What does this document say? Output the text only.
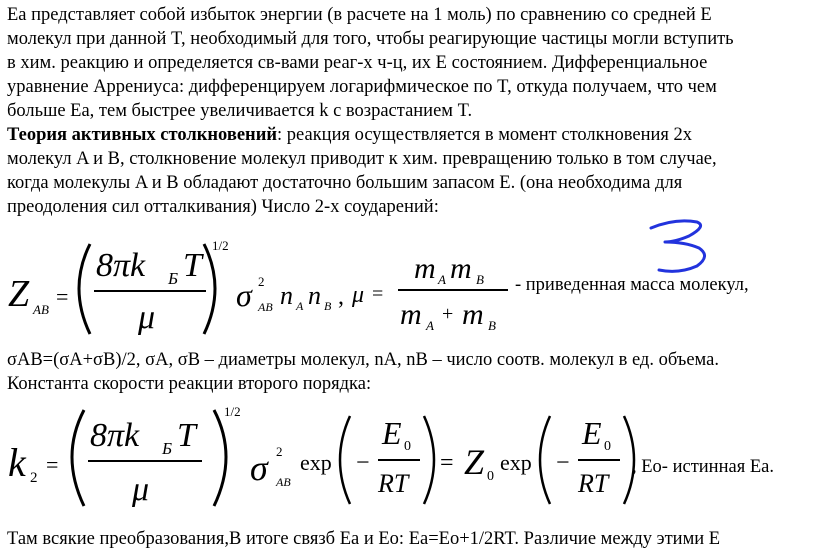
Ea представляет собой избыток энергии (в расчете на 1 моль) по сравнению со средней E
молекул при данной T, необходимый для того, чтобы реагирующие частицы могли вступить
в хим. реакцию и определяется св-вами реаг-х ч-ц, их E состоянием. Дифференциальное
уравнение Аррениуса: дифференцируем логарифмическое по T, откуда получаем, что чем
больше Ea, тем быстрее увеличивается k с возрастанием T.
Теория активных столкновений: реакция осуществляется в момент столкновения 2х
молекул A и B, столкновение молекул приводит к хим. превращению только в том случае,
когда молекулы A и B обладают достаточно большим запасом E. (она необходима для
преодоления сил отталкивания) Число 2-х соударений:
Z AB
=
8πk Б T
μ
1/2
σ 2
AB n A n B , μ =
m A m B
m A
+ m B
- приведенная масса молекул,
σAB=(σA+σB)/2, σA, σB – диаметры молекул, nA, nB – число соотв. молекул в ед. объема.
Константа скорости реакции второго порядка:
k 2
=
8πk Б T
μ
1/2
σ 2
AB
exp −
E 0
RT
= Z 0
exp −
E 0
RT
, Eo- истинная Ea.
Там всякие преобразования,В итоге связб Ea и Eo: Ea=Eo+1/2RT. Различие между этими E
